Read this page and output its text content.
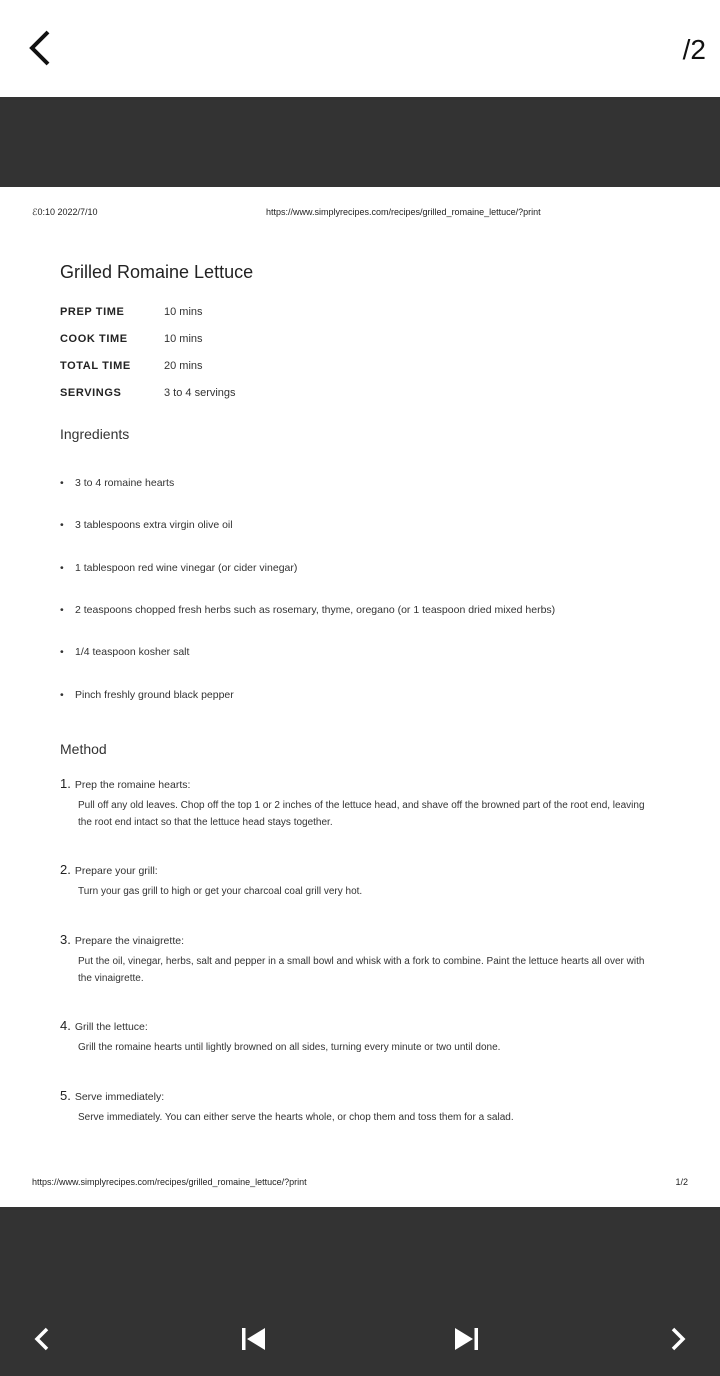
/2
ℰ0:10 2022/7/10	https://www.simplyrecipes.com/recipes/grilled_romaine_lettuce/?print
Grilled Romaine Lettuce
PREP TIME	10 mins
COOK TIME	10 mins
TOTAL TIME	20 mins
SERVINGS	3 to 4 servings
Ingredients
• 3 to 4 romaine hearts
• 3 tablespoons extra virgin olive oil
• 1 tablespoon red wine vinegar (or cider vinegar)
• 2 teaspoons chopped fresh herbs such as rosemary, thyme, oregano (or 1 teaspoon dried mixed herbs)
• 1/4 teaspoon kosher salt
• Pinch freshly ground black pepper
Method
1. Prep the romaine hearts:
Pull off any old leaves. Chop off the top 1 or 2 inches of the lettuce head, and shave off the browned part of the root end, leaving the root end intact so that the lettuce head stays together.
2. Prepare your grill:
Turn your gas grill to high or get your charcoal coal grill very hot.
3. Prepare the vinaigrette:
Put the oil, vinegar, herbs, salt and pepper in a small bowl and whisk with a fork to combine. Paint the lettuce hearts all over with the vinaigrette.
4. Grill the lettuce:
Grill the romaine hearts until lightly browned on all sides, turning every minute or two until done.
5. Serve immediately:
Serve immediately. You can either serve the hearts whole, or chop them and toss them for a salad.
https://www.simplyrecipes.com/recipes/grilled_romaine_lettuce/?print	1/2
